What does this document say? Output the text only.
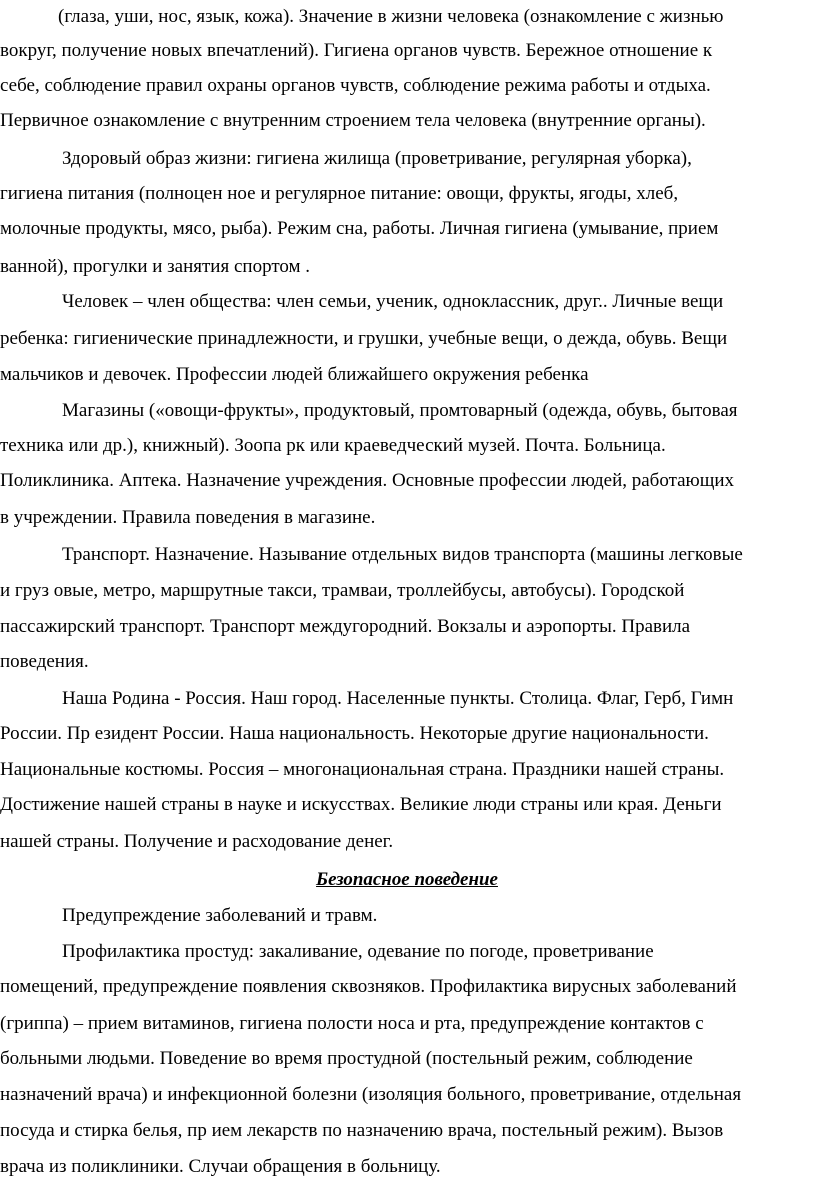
(глаза, уши, нос, язык, кожа). Значение в жизни человека (ознакомление с жизнью
вокруг, получение новых впечатлений). Гигиена органов чувств. Бережное отношение к
себе, соблюдение правил охраны органов чувств, соблюдение режима работы и отдыха.
Первичное ознакомление с внутренним строением тела человека (внутренние органы).
Здоровый образ жизни: гигиена жилища (проветривание, регулярная уборка),
гигиена питания (полноцен ное и регулярное питание: овощи, фрукты, ягоды, хлеб,
молочные продукты, мясо, рыба). Режим сна, работы. Личная гигиена (умывание, прием
ванной), прогулки и занятия спортом .
Человек – член общества: член семьи, ученик, одноклассник, друг.. Личные вещи
ребенка: гигиенические принадлежности, и грушки, учебные вещи, о дежда, обувь. Вещи
мальчиков и девочек. Профессии людей ближайшего окружения ребенка
Магазины («овощи-фрукты», продуктовый, промтоварный (одежда, обувь, бытовая
техника или др.), книжный). Зоопа рк или краеведческий музей. Почта. Больница.
Поликлиника. Аптека. Назначение учреждения. Основные профессии людей, работающих
в учреждении. Правила поведения в магазине.
Транспорт. Назначение. Называние отдельных видов транспорта (машины легковые
и груз овые, метро, маршрутные такси, трамваи, троллейбусы, автобусы). Городской
пассажирский транспорт. Транспорт междугородний. Вокзалы и аэропорты. Правила
поведения.
Наша Родина - Россия. Наш город. Населенные пункты. Столица. Флаг, Герб, Гимн
России. Пр езидент России. Наша национальность. Некоторые другие национальности.
Национальные костюмы. Россия – многонациональная страна. Праздники нашей страны.
Достижение нашей страны в науке и искусствах. Великие люди страны или края. Деньги
нашей страны. Получение и расходование денег.
Безопасное поведение
Предупреждение заболеваний и травм.
Профилактика простуд: закаливание, одевание по погоде, проветривание
помещений, предупреждение появления сквозняков. Профилактика вирусных заболеваний
(гриппа) – прием витаминов, гигиена полости носа и рта, предупреждение контактов с
больными людьми. Поведение во время простудной (постельный режим, соблюдение
назначений врача) и инфекционной болезни (изоляция больного, проветривание, отдельная
посуда и стирка белья, пр ием лекарств по назначению врача, постельный режим). Вызов
врача из поликлиники. Случаи обращения в больницу.
